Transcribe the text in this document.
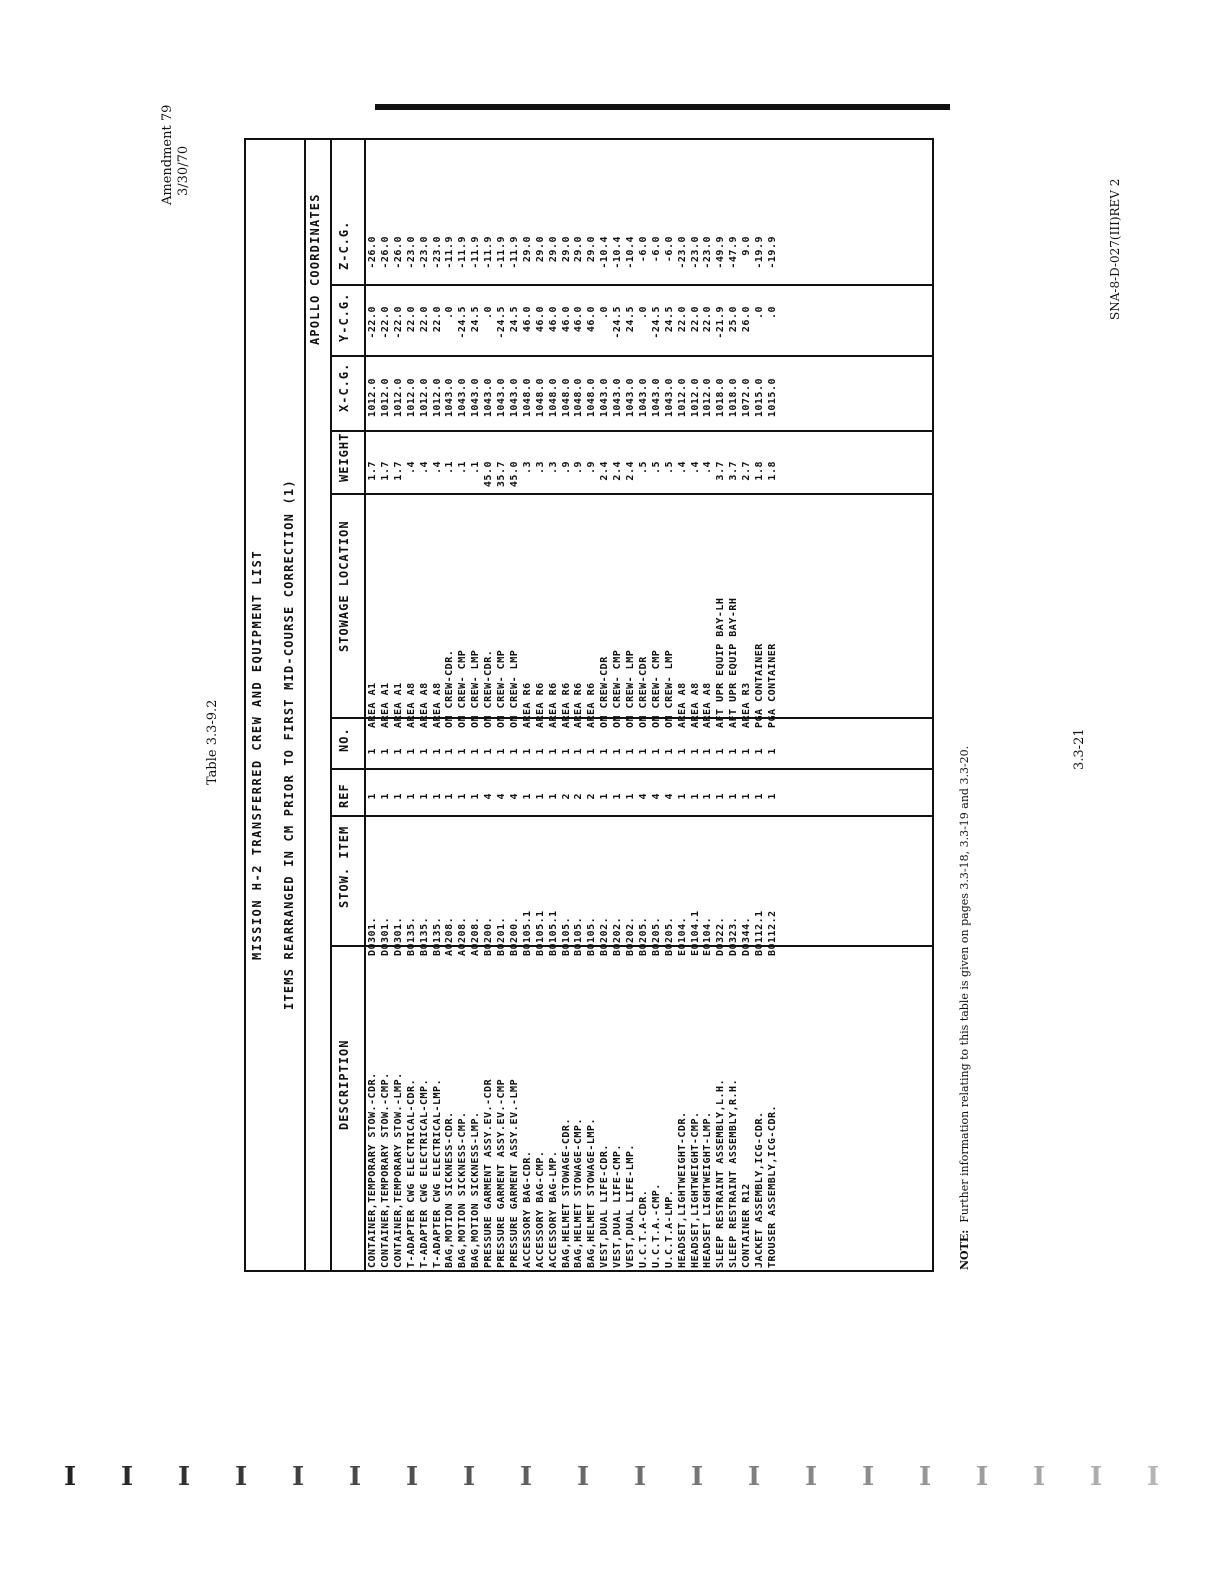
Amendment 79 3/30/70
Table 3.3-9.2	MISSION H-2 TRANSFERRED CREW AND EQUIPMENT LIST ITEMS REARRANGED IN CM PRIOR TO FIRST MID-COURSE CORRECTION (1)
APOLLO COORDINATES
DESCRIPTION
STOW. ITEM
REF
NO.
STOWAGE LOCATION
WEIGHT
X-C.G.
Y-C.G.
Z-C.G.
CONTAINER,TEMPORARY STOW.-CDR.
D0301.
1
1
AREA A1
1.7
1012.0
-22.0
-26.0
CONTAINER,TEMPORARY STOW.-CMP.
D0301.
1
1
AREA A1
1.7
1012.0
-22.0
-26.0
CONTAINER,TEMPORARY STOW.-LMP.
D0301.
1
1
AREA A1
1.7
1012.0
-22.0
-26.0
T-ADAPTER CWG ELECTRICAL-CDR.
B0135.
1
1
AREA A8
.4
1012.0
22.0
-23.0
T-ADAPTER CWG ELECTRICAL-CMP.
B0135.
1
1
AREA A8
.4
1012.0
22.0
-23.0
T-ADAPTER CWG ELECTRICAL-LMP.
B0135.
1
1
AREA A8
.4
1012.0
22.0
-23.0
BAG,MOTION SICKNESS-CDR.
A0208.
1
1
ON CREW-CDR.
.1
1043.0
.0
-11.9
BAG,MOTION SICKNESS-CMP.
A0208.
1
1
ON CREW- CMP
.1
1043.0
-24.5
-11.9
BAG,MOTION SICKNESS-LMP.
A0208.
1
1
ON CREW- LMP
.1
1043.0
24.5
-11.9
PRESSURE GARMENT ASSY.EV.-CDR
B0200.
4
1
ON CREW-CDR.
45.0
1043.0
.0
-11.9
PRESSURE GARMENT ASSY.EV.-CMP
B0201.
4
1
ON CREW- CMP
35.7
1043.0
-24.5
-11.9
PRESSURE GARMENT ASSY.EV.-LMP
B0200.
4
1
ON CREW- LMP
45.0
1043.0
24.5
-11.9
ACCESSORY BAG-CDR.
B0105.1
1
1
AREA R6
.3
1048.0
46.0
29.0
ACCESSORY BAG-CMP.
B0105.1
1
1
AREA R6
.3
1048.0
46.0
29.0
ACCESSORY BAG-LMP.
B0105.1
1
1
AREA R6
.3
1048.0
46.0
29.0
BAG,HELMET STOWAGE-CDR.
B0105.
2
1
AREA R6
.9
1048.0
46.0
29.0
BAG,HELMET STOWAGE-CMP.
B0105.
2
1
AREA R6
.9
1048.0
46.0
29.0
BAG,HELMET STOWAGE-LMP.
B0105.
2
1
AREA R6
.9
1048.0
46.0
29.0
VEST,DUAL LIFE-CDR.
B0202.
1
1
ON CREW-CDR
2.4
1043.0
.0
-10.4
VEST,DUAL LIFE-CMP.
B0202.
1
1
ON CREW- CMP
2.4
1043.0
-24.5
-10.4
VEST,DUAL LIFE-LMP.
B0202.
1
1
ON CREW- LMP
2.4
1043.0
24.5
-10.4
U.C.T.A-CDR.
B0205.
4
1
ON CREW-CDR
.5
1043.0
.0
-6.0
U.C.T.A.-CMP.
B0205.
4
1
ON CREW- CMP
.5
1043.0
-24.5
-6.0
U.C.T.A-LMP.
B0205.
4
1
ON CREW- LMP
.5
1043.0
24.5
-6.0
HEADSET,LIGHTWEIGHT-CDR.
E0104.
1
1
AREA A8
.4
1012.0
22.0
-23.0
HEADSET,LIGHTWEIGHT-CMP.
E0104.1
1
1
AREA A8
.4
1012.0
22.0
-23.0
HEADSET LIGHTWEIGHT-LMP.
E0104.
1
1
AREA A8
.4
1012.0
22.0
-23.0
SLEEP RESTRAINT ASSEMBLY,L.H.
D0322.
1
1
AFT UPR EQUIP BAY-LH
3.7
1018.0
-21.9
-49.9
SLEEP RESTRAINT ASSEMBLY,R.H.
D0323.
1
1
AFT UPR EQUIP BAY-RH
3.7
1018.0
25.0
-47.9
CONTAINER R12
D0344.
1
1
AREA R3
2.7
1072.0
26.0
9.0
JACKET ASSEMBLY,ICG-CDR.
B0112.1
1
1
PGA CONTAINER
1.8
1015.0
.0
-19.9
TROUSER ASSEMBLY,ICG-CDR.
B0112.2
1
1
PGA CONTAINER
1.8
1015.0
.0
-19.9
NOTE:  Further information relating to this table is given on pages 3.3-18, 3.3-19 and 3.3-20.	3.3-21
SNA-8-D-027(III)REV 2
I I I I I I I I I I I I I I I I I I I I
